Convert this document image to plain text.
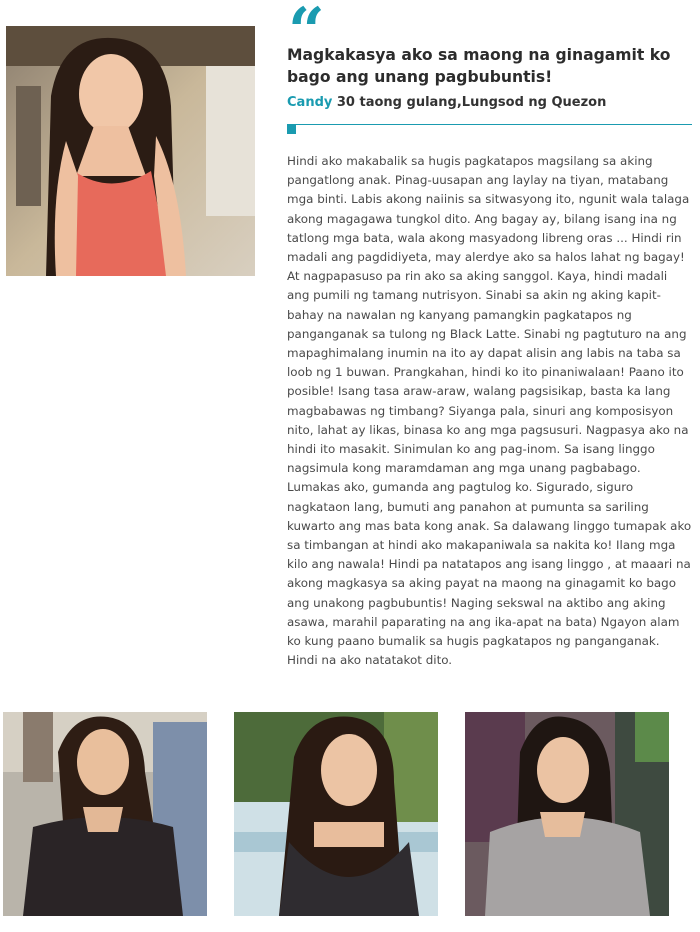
“
Magkakasya ako sa maong na ginagamit ko bago ang unang pagbubuntis!
Candy 30 taong gulang,Lungsod ng Quezon

Hindi ako makabalik sa hugis pagkatapos magsilang sa aking pangatlong anak. Pinag-uusapan ang laylay na tiyan, matabang mga binti. Labis akong naiinis sa sitwasyong ito, ngunit wala talaga akong magagawa tungkol dito. Ang bagay ay, bilang isang ina ng tatlong mga bata, wala akong masyadong libreng oras ... Hindi rin madali ang pagdidiyeta, may alerdye ako sa halos lahat ng bagay! At nagpapasuso pa rin ako sa aking sanggol. Kaya, hindi madali ang pumili ng tamang nutrisyon. Sinabi sa akin ng aking kapit-bahay na nawalan ng kanyang pamangkin pagkatapos ng panganganak sa tulong ng Black Latte. Sinabi ng pagtuturo na ang mapaghimalang inumin na ito ay dapat alisin ang labis na taba sa loob ng 1 buwan. Prangkahan, hindi ko ito pinaniwalaan! Paano ito posible! Isang tasa araw-araw, walang pagsisikap, basta ka lang magbabawas ng timbang? Siyanga pala, sinuri ang komposisyon nito, lahat ay likas, binasa ko ang mga pagsusuri. Nagpasya ako na hindi ito masakit. Sinimulan ko ang pag-inom. Sa isang linggo nagsimula kong maramdaman ang mga unang pagbabago. Lumakas ako, gumanda ang pagtulog ko. Sigurado, siguro nagkataon lang, bumuti ang panahon at pumunta sa sariling kuwarto ang mas bata kong anak. Sa dalawang linggo tumapak ako sa timbangan at hindi ako makapaniwala sa nakita ko! Ilang mga kilo ang nawala! Hindi pa natatapos ang isang linggo , at maaari na akong magkasya sa aking payat na maong na ginagamit ko bago ang unakong pagbubuntis! Naging sekswal na aktibo ang aking asawa, marahil paparating na ang ika-apat na bata) Ngayon alam ko kung paano bumalik sa hugis pagkatapos ng panganganak. Hindi na ako natatakot dito.
